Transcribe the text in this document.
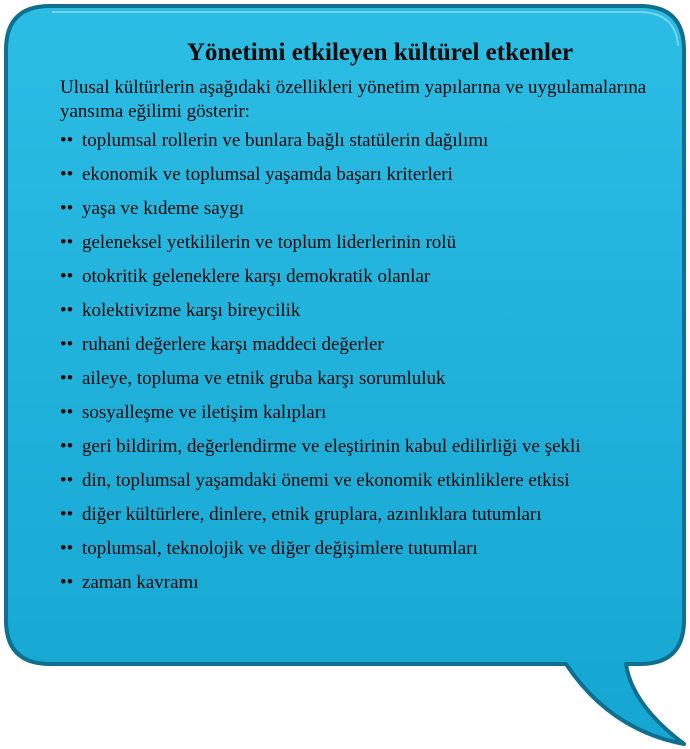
Yönetimi etkileyen kültürel etkenler
Ulusal kültürlerin aşağıdaki özellikleri yönetim yapılarına ve uygulamalarına yansıma eğilimi gösterir:
•• toplumsal rollerin ve bunlara bağlı statülerin dağılımı
•• ekonomik ve toplumsal yaşamda başarı kriterleri
•• yaşa ve kıdeme saygı
•• geleneksel yetkililerin ve toplum liderlerinin rolü
•• otokritik geleneklere karşı demokratik olanlar
•• kolektivizme karşı bireycilik
•• ruhani değerlere karşı maddeci değerler
•• aileye, topluma ve etnik gruba karşı sorumluluk
•• sosyalleşme ve iletişim kalıpları
•• geri bildirim, değerlendirme ve eleştirinin kabul edilirliği ve şekli
•• din, toplumsal yaşamdaki önemi ve ekonomik etkinliklere etkisi
•• diğer kültürlere, dinlere, etnik gruplara, azınlıklara tutumları
•• toplumsal, teknolojik ve diğer değişimlere tutumları
•• zaman kavramı
